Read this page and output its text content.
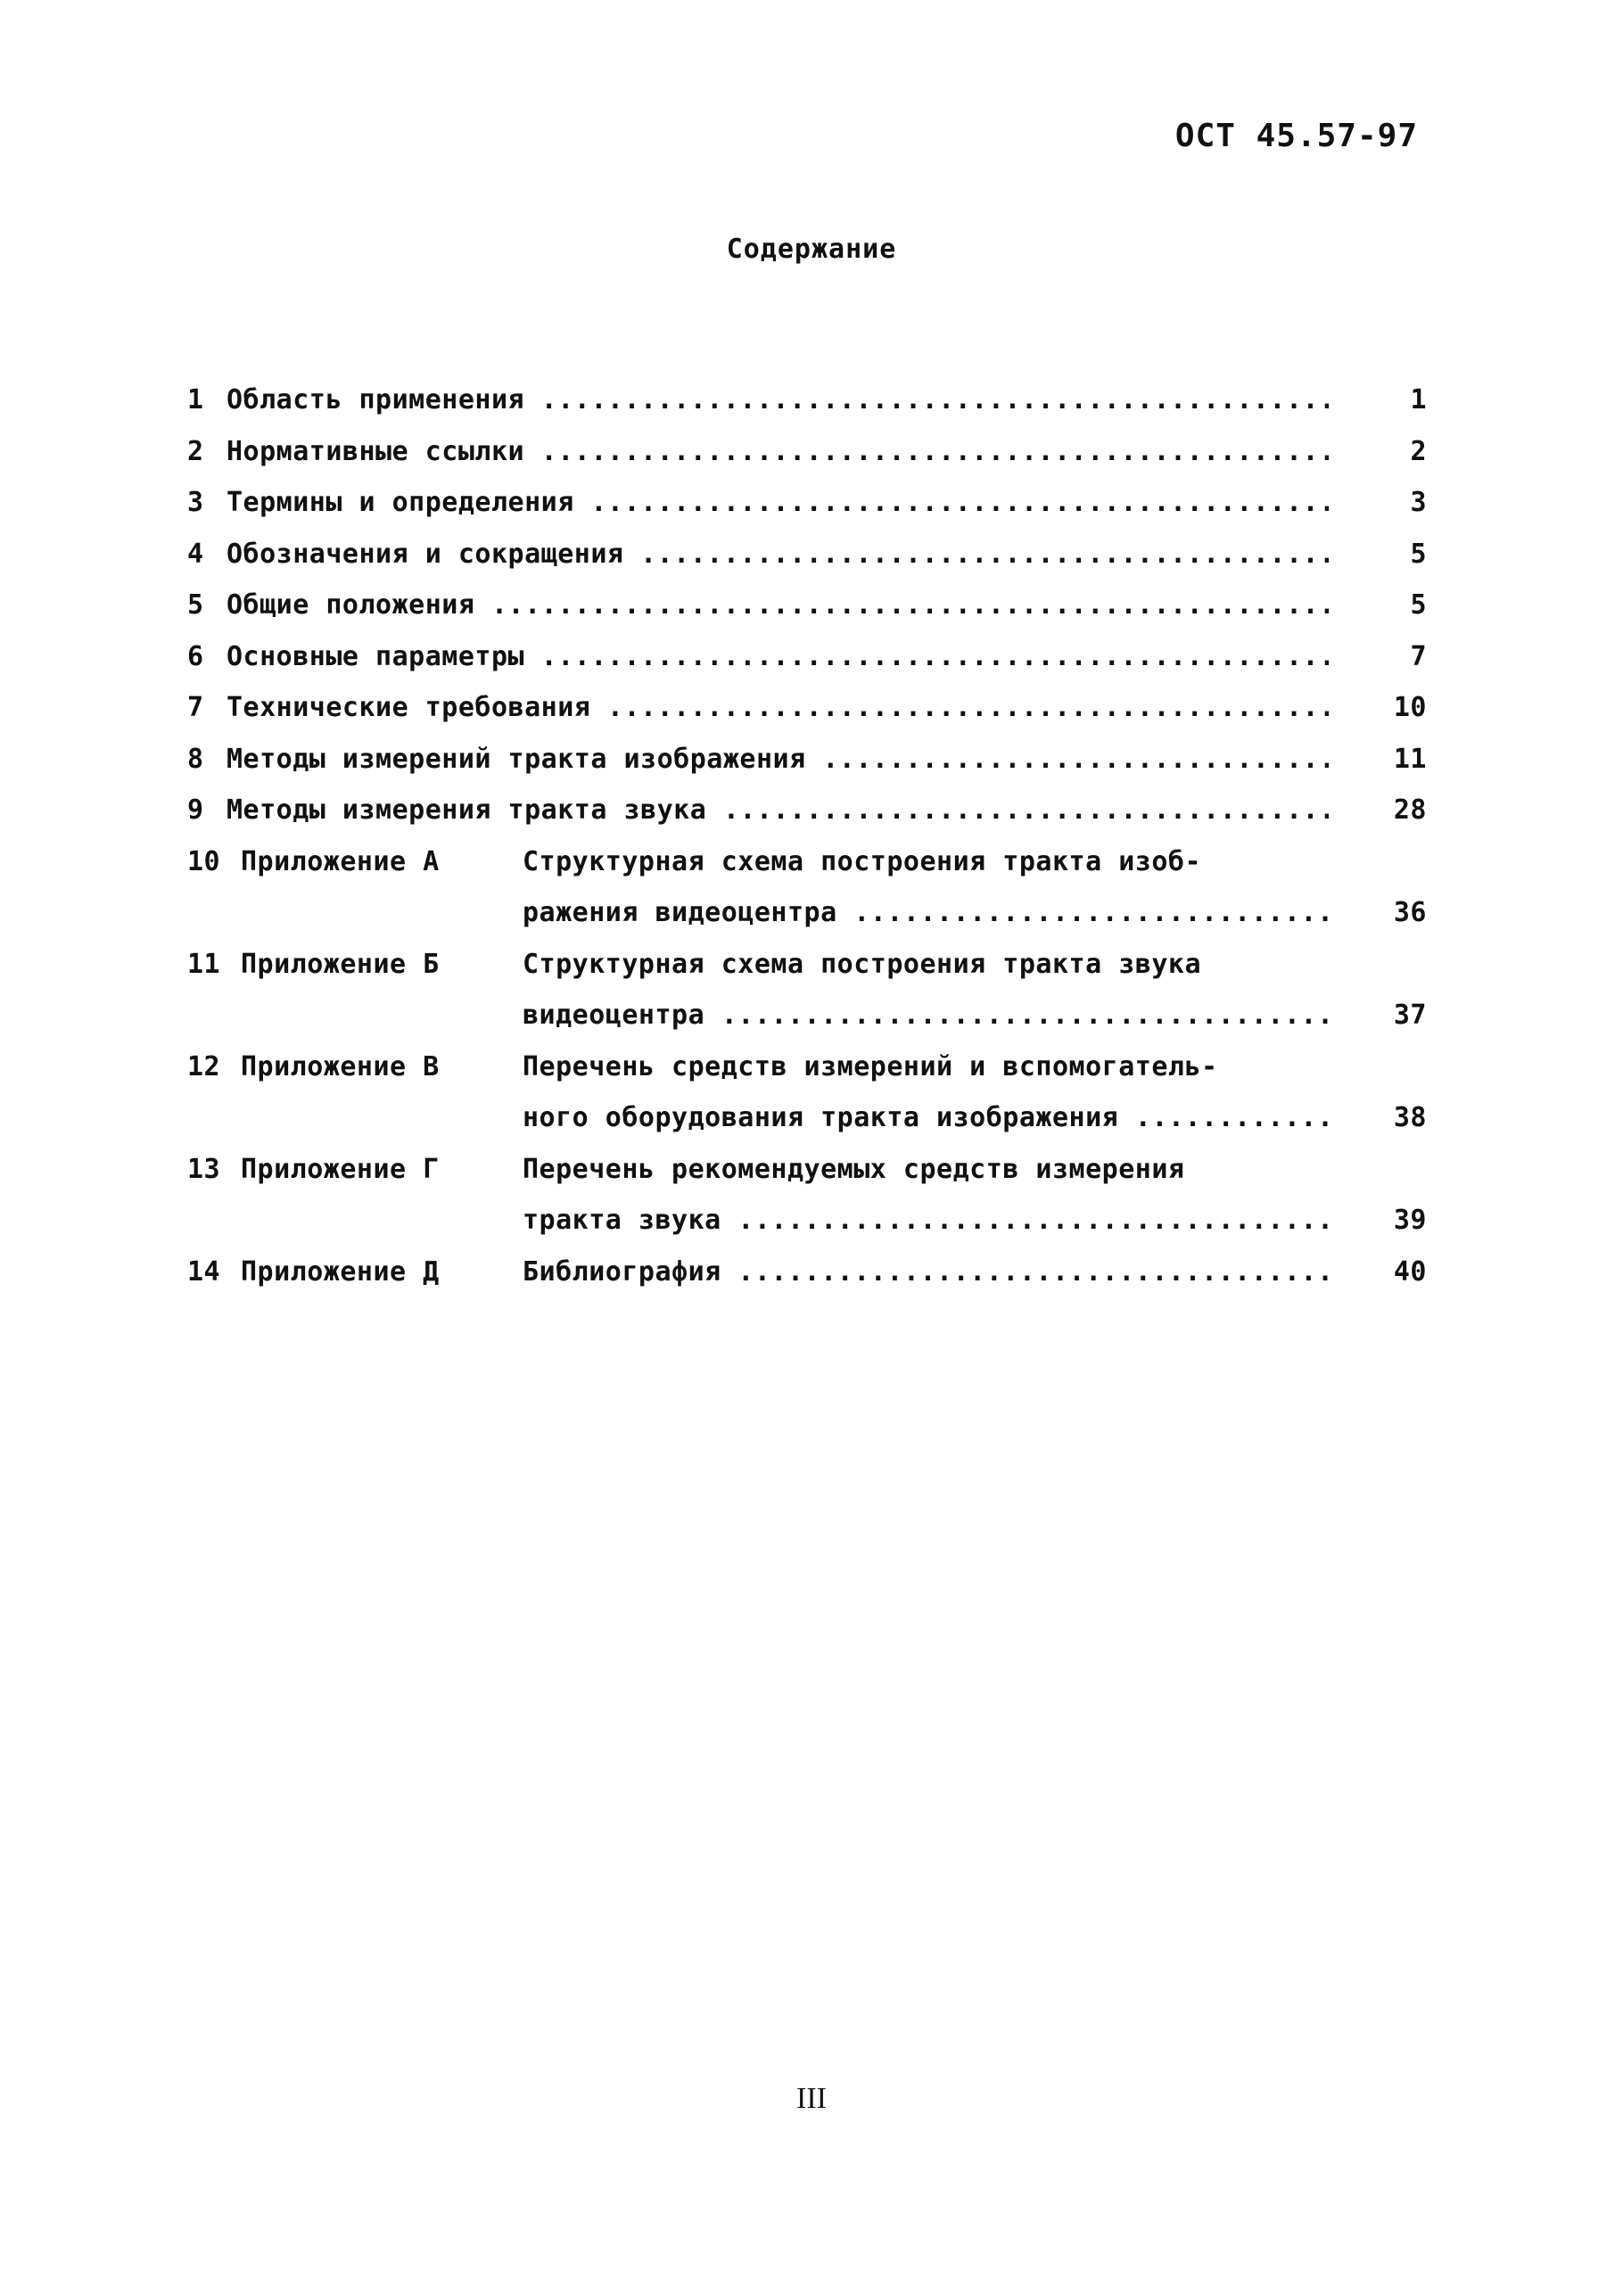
ОСТ 45.57-97
Содержание
1 Область применения .....	1
2 Нормативные ссылки .....	2
3 Термины и определения .....	3
4 Обозначения и сокращения .....	5
5 Общие положения .....	5
6 Основные параметры .....	7
7 Технические требования .....	10
8 Методы измерений тракта изображения .....	11
9 Методы измерения тракта звука .....	28
10 Приложение А	Структурная схема построения тракта изоб-
ражения видеоцентра .....	36
11 Приложение Б	Структурная схема построения тракта звука
видеоцентра .....	37
12 Приложение В	Перечень средств измерений и вспомогатель-
ного оборудования тракта изображения .....	38
13 Приложение Г	Перечень рекомендуемых средств измерения
тракта звука .....	39
14 Приложение Д	Библиография .....	40
III
